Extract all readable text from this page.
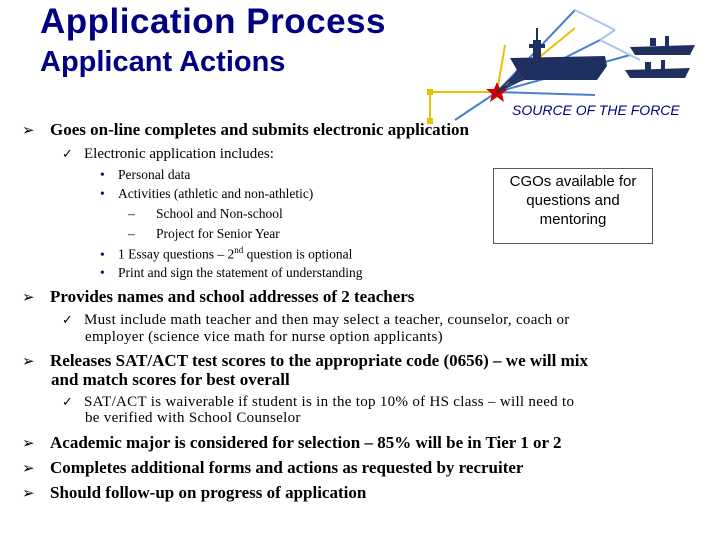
Application Process
Applicant Actions
SOURCE OF THE FORCE
➢ Goes on-line completes and submits electronic application
✓ Electronic application includes:
• Personal data
• Activities (athletic and non-athletic)
– School and Non-school
– Project for Senior Year
• 1 Essay questions – 2nd question is optional
• Print and sign the statement of understanding
CGOs available for questions and mentoring
➢ Provides names and school addresses of 2 teachers
✓ Must include math teacher and then may select a teacher, counselor, coach or
employer (science vice math for nurse option applicants)
➢ Releases SAT/ACT test scores to the appropriate code (0656) – we will mix
and match scores for best overall
✓ SAT/ACT is waiverable if student is in the top 10% of HS class – will need to
be verified with School Counselor
➢ Academic major is considered for selection – 85% will be in Tier 1 or 2
➢ Completes additional forms and actions as requested by recruiter
➢ Should follow-up on progress of application
